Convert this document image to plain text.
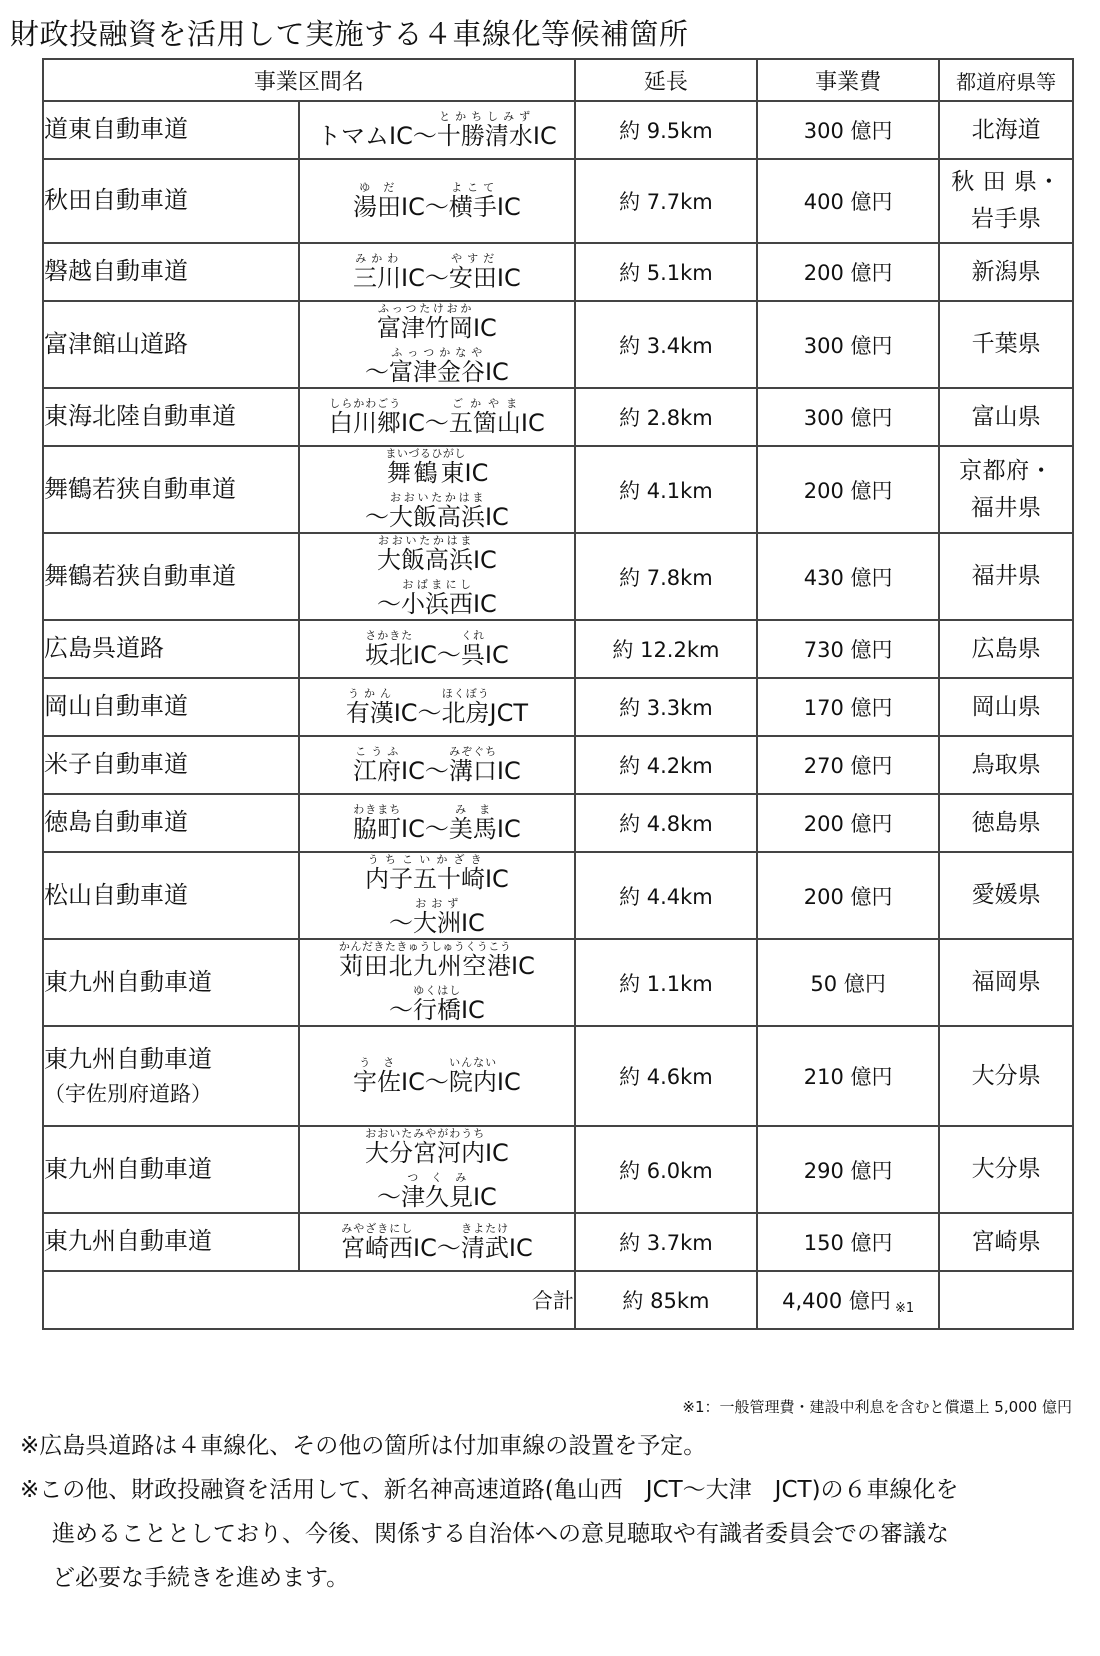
財政投融資を活用して実施する４車線化等候補箇所
事業区間名		延長	事業費	都道府県等
道東自動車道	トマムIC～十勝清水とかちしみずIC	約 9.5km	300 億円	北海道

秋田自動車道	湯田ゆだIC～横手よこてIC	約 7.7km	400 億円	秋 田 県・
岩手県

磐越自動車道	三川みかわIC～安田やすだIC	約 5.1km	200 億円	新潟県

富津館山道路	富津竹岡ふっつたけおかIC
～富津金谷ふっつかなやIC	約 3.4km	300 億円	千葉県

東海北陸自動車道	白川郷しらかわごうIC～五箇山ごかやまIC	約 2.8km	300 億円	富山県

舞鶴若狭自動車道	舞鶴東まいづるひがしIC
～大飯高浜おおいたかはまIC	約 4.1km	200 億円	京都府・
福井県

舞鶴若狭自動車道	大飯高浜おおいたかはまIC
～小浜西おばまにしIC	約 7.8km	430 億円	福井県

広島呉道路	坂北さかきたIC～呉くれIC	約 12.2km	730 億円	広島県

岡山自動車道	有漢うかんIC～北房ほくぼうJCT	約 3.3km	170 億円	岡山県

米子自動車道	江府こうふIC～溝口みぞぐちIC	約 4.2km	270 億円	鳥取県

徳島自動車道	脇町わきまちIC～美馬みまIC	約 4.8km	200 億円	徳島県

松山自動車道	内子五十崎うちこいかざきIC
～大洲おおずIC	約 4.4km	200 億円	愛媛県

東九州自動車道	苅田北九州空港かんだきたきゅうしゅうくうこうIC
～行橋ゆくはしIC	約 1.1km	50 億円	福岡県

東九州自動車道
（宇佐別府道路）	宇佐うさIC～院内いんないIC	約 4.6km	210 億円	大分県

東九州自動車道	大分宮河内おおいたみやがわうちIC
～津久見つくみIC	約 6.0km	290 億円	大分県

東九州自動車道	宮崎西みやざきにしIC～清武きよたけIC	約 3.7km	150 億円	宮崎県

合計		約 85km	4,400 億円 ※1	
※1：一般管理費・建設中利息を含むと償還上 5,000 億円
※広島呉道路は４車線化、その他の箇所は付加車線の設置を予定。
※この他、財政投融資を活用して、新名神高速道路(亀山西　JCT～大津　JCT)の６車線化を
進めることとしており、今後、関係する自治体への意見聴取や有識者委員会での審議な
ど必要な手続きを進めます。
